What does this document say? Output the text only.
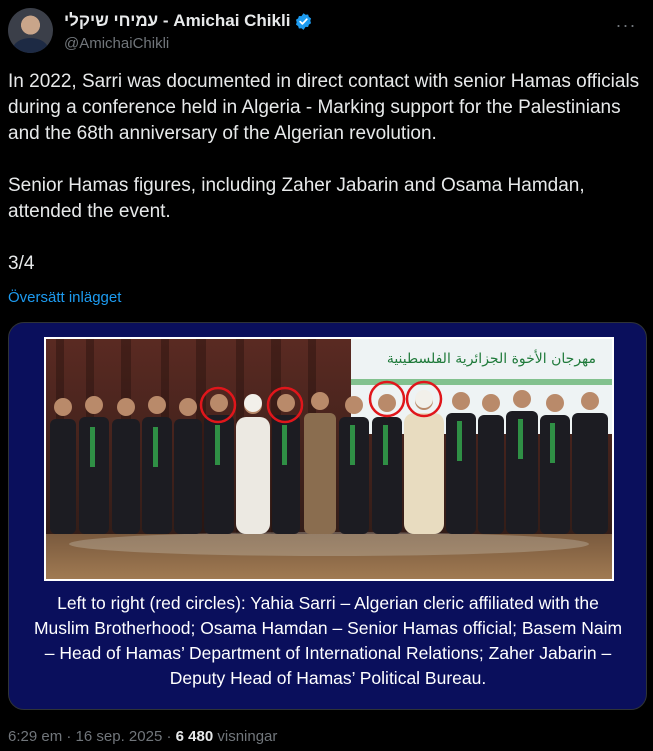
עמיחי שיקלי - Amichai Chikli
@AmichaiChikli
···
In 2022, Sarri was documented in direct contact with senior Hamas officials during a conference held in Algeria - Marking support for the Palestinians and the 68th anniversary of the Algerian revolution.

Senior Hamas figures, including Zaher Jabarin and Osama Hamdan, attended the event.

3/4
Översätt inlägget
مهرجان الأخوة الجزائرية الفلسطينية
Left to right (red circles): Yahia Sarri – Algerian cleric affiliated with the Muslim Brotherhood; Osama Hamdan – Senior Hamas official; Basem Naim – Head of Hamas’ Department of International Relations; Zaher Jabarin – Deputy Head of Hamas’ Political Bureau.
6:29 em · 16 sep. 2025 · 6 480 visningar
